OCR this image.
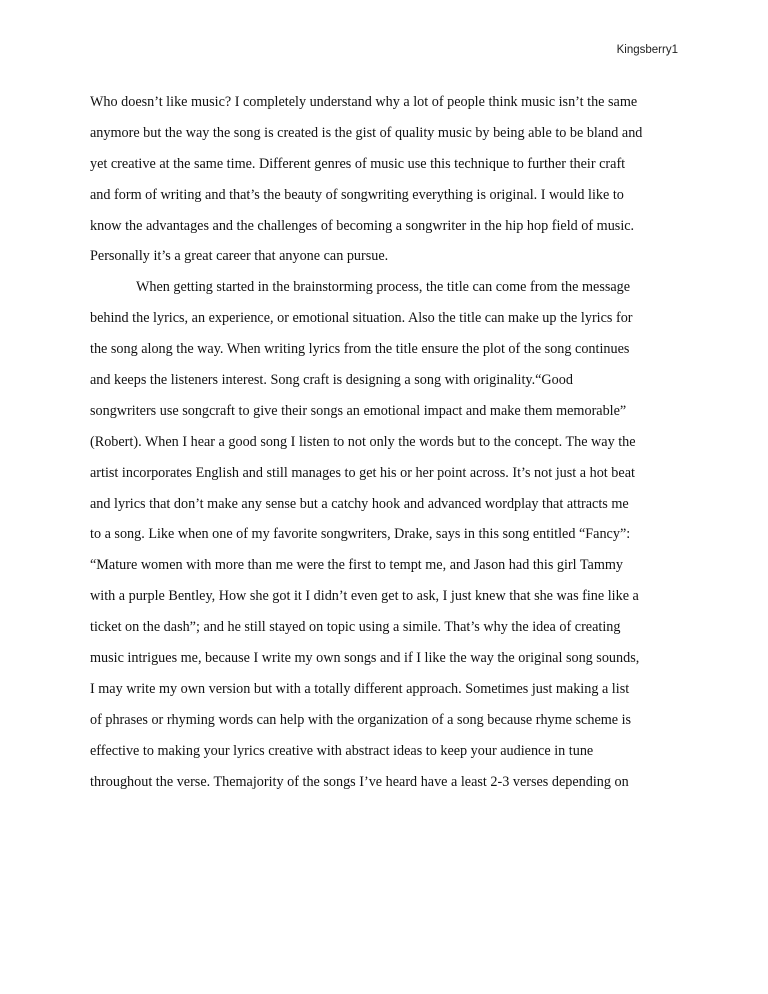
Kingsberry1
Who doesn’t like music? I completely understand why a lot of people think music isn’t the same
anymore but the way the song is created is the gist of quality music by being able to be bland and
yet creative at the same time. Different genres of music use this technique to further their craft
and form of writing and that’s the beauty of songwriting everything is original. I would like to
know the advantages and the challenges of becoming a songwriter in the hip hop field of music.
Personally it’s a great career that anyone can pursue.
When getting started in the brainstorming process, the title can come from the message
behind the lyrics, an experience, or emotional situation. Also the title can make up the lyrics for
the song along the way. When writing lyrics from the title ensure the plot of the song continues
and keeps the listeners interest. Song craft is designing a song with originality.“Good
songwriters use songcraft to give their songs an emotional impact and make them memorable”
(Robert). When I hear a good song I listen to not only the words but to the concept. The way the
artist incorporates English and still manages to get his or her point across. It’s not just a hot beat
and lyrics that don’t make any sense but a catchy hook and advanced wordplay that attracts me
to a song. Like when one of my favorite songwriters, Drake, says in this song entitled “Fancy”:
“Mature women with more than me were the first to tempt me, and Jason had this girl Tammy
with a purple Bentley, How she got it I didn’t even get to ask, I just knew that she was fine like a
ticket on the dash”; and he still stayed on topic using a simile. That’s why the idea of creating
music intrigues me, because I write my own songs and if I like the way the original song sounds,
I may write my own version but with a totally different approach. Sometimes just making a list
of phrases or rhyming words can help with the organization of a song because rhyme scheme is
effective to making your lyrics creative with abstract ideas to keep your audience in tune
throughout the verse. Themajority of the songs I’ve heard have a least 2-3 verses depending on
